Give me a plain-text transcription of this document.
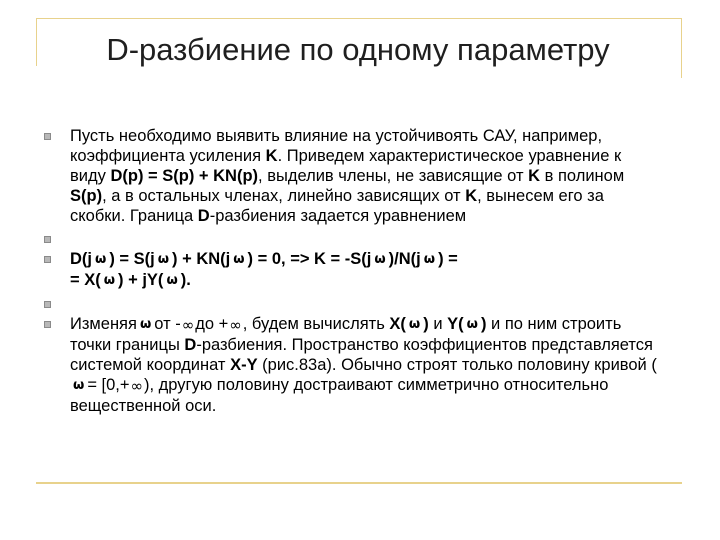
D-разбиение по одному параметру
Пусть необходимо выявить влияние на устойчивоять САУ, например, коэффициента усиления K. Приведем характеристическое уравнение к виду D(p) = S(p) + KN(p), выделив члены, не зависящие от K в полином S(p), а в остальных членах, линейно зависящих от K, вынесем его за скобки. Граница D-разбиения задается уравнением
D(j ω ) = S(j ω ) + KN(j ω ) = 0, => K = -S(j ω )/N(j ω ) =
= X( ω ) + jY( ω ).
Изменяя ω от -∞ до +∞ , будем вычислять X( ω ) и Y( ω ) и по ним строить точки границы D-разбиения. Пространство коэффициентов представляется системой координат X-Y (рис.83а). Обычно строят только половину кривой (ω = [0,+∞ ), другую половину достраивают симметрично относительно вещественной оси.
